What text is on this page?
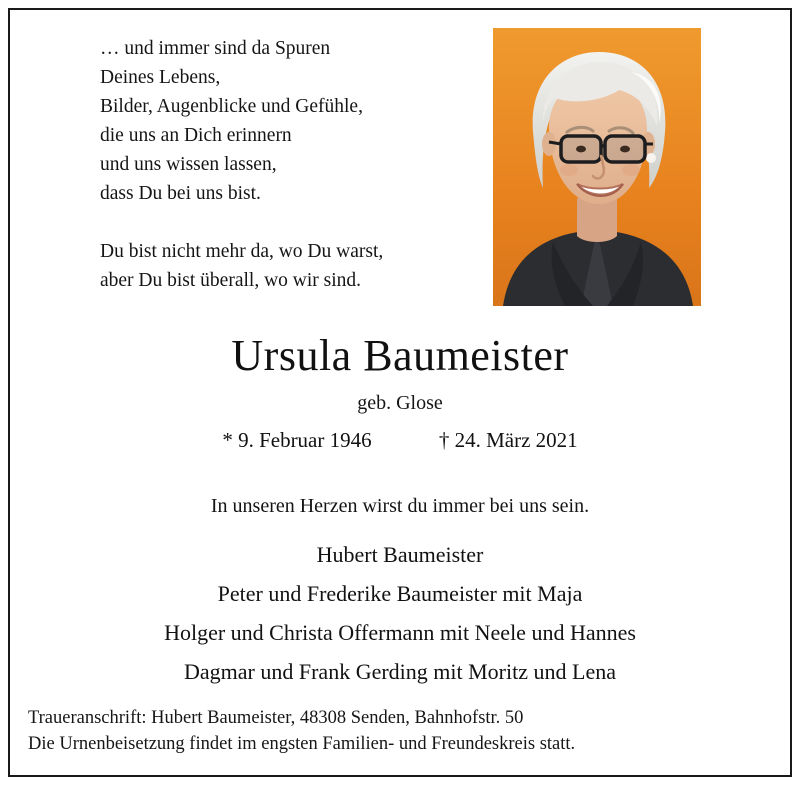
… und immer sind da Spuren

Deines Lebens,

Bilder, Augenblicke und Gefühle,

die uns an Dich erinnern

und uns wissen lassen,

dass Du bei uns bist.

Du bist nicht mehr da, wo Du warst,

aber Du bist überall, wo wir sind.

Ursula Baumeister
geb. Glose
* 9. Februar 1946	† 24. März 2021
In unseren Herzen wirst du immer bei uns sein.
Hubert Baumeister
Peter und Frederike Baumeister mit Maja
Holger und Christa Offermann mit Neele und Hannes
Dagmar und Frank Gerding mit Moritz und Lena
Traueranschrift: Hubert Baumeister, 48308 Senden, Bahnhofstr. 50
Die Urnenbeisetzung findet im engsten Familien- und Freundeskreis statt.
